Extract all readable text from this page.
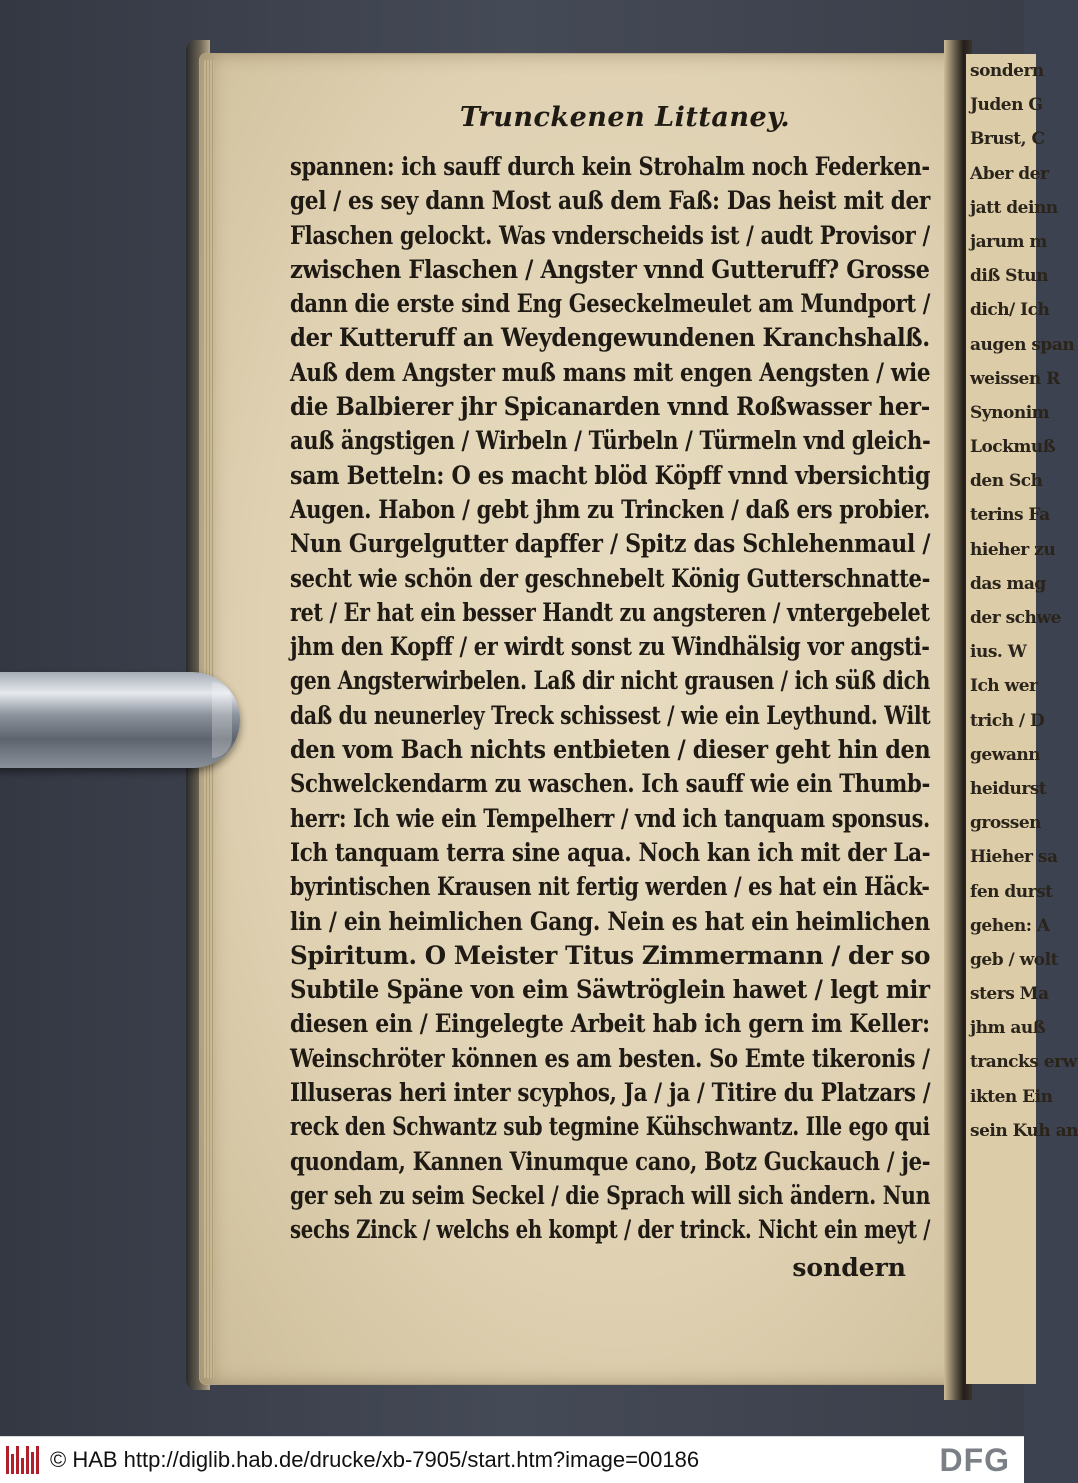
sondern
Juden G
Brust, C
Aber der
jatt deinn
jarum m
diß Stun
dich/ Ich
augen span
weissen R
Synonim
Lockmuß
den Sch
terins Fa
hieher zu
das mag
der schwe
ius. W
Ich wer
trich / D
gewann
heidurst
grossen
Hieher sa
fen durst
gehen: A
geb / wolt
sters Ma
jhm auß
trancks erw
ikten Ein
sein Kuh an
Trunckenen Littaney.
spannen: ich sauff durch kein Strohalm noch Federken-
gel / es sey dann Most auß dem Faß: Das heist mit der
Flaschen gelockt. Was vnderscheids ist / audt Provisor /
zwischen Flaschen / Angster vnnd Gutteruff? Grosse
dann die erste sind Eng Geseckelmeulet am Mundport /
der Kutteruff an Weydengewundenen Kranchshalß.
Auß dem Angster muß mans mit engen Aengsten / wie
die Balbierer jhr Spicanarden vnnd Roßwasser her-
auß ängstigen / Wirbeln / Türbeln / Türmeln vnd gleich-
sam Betteln: O es macht blöd Köpff vnnd vbersichtig
Augen. Habon / gebt jhm zu Trincken / daß ers probier.
Nun Gurgelgutter dapffer / Spitz das Schlehenmaul /
secht wie schön der geschnebelt König Gutterschnatte-
ret / Er hat ein besser Handt zu angsteren / vntergebelet
jhm den Kopff / er wirdt sonst zu Windhälsig vor angsti-
gen Angsterwirbelen. Laß dir nicht grausen / ich süß dich
daß du neunerley Treck schissest / wie ein Leythund. Wilt
den vom Bach nichts entbieten / dieser geht hin den
Schwelckendarm zu waschen. Ich sauff wie ein Thumb-
herr: Ich wie ein Tempelherr / vnd ich tanquam sponsus.
Ich tanquam terra sine aqua. Noch kan ich mit der La-
byrintischen Krausen nit fertig werden / es hat ein Häck-
lin / ein heimlichen Gang. Nein es hat ein heimlichen
Spiritum. O Meister Titus Zimmermann / der so
Subtile Späne von eim Säwtröglein hawet / legt mir
diesen ein / Eingelegte Arbeit hab ich gern im Keller:
Weinschröter können es am besten. So Emte tikeronis /
Illuseras heri inter scyphos, Ja / ja / Titire du Platzars /
reck den Schwantz sub tegmine Kühschwantz. Ille ego qui
quondam, Kannen Vinumque cano, Botz Guckauch / je-
ger seh zu seim Seckel / die Sprach will sich ändern. Nun
sechs Zinck / welchs eh kompt / der trinck. Nicht ein meyt /
sondern
© HAB http://diglib.hab.de/drucke/xb-7905/start.htm?image=00186	DFG
